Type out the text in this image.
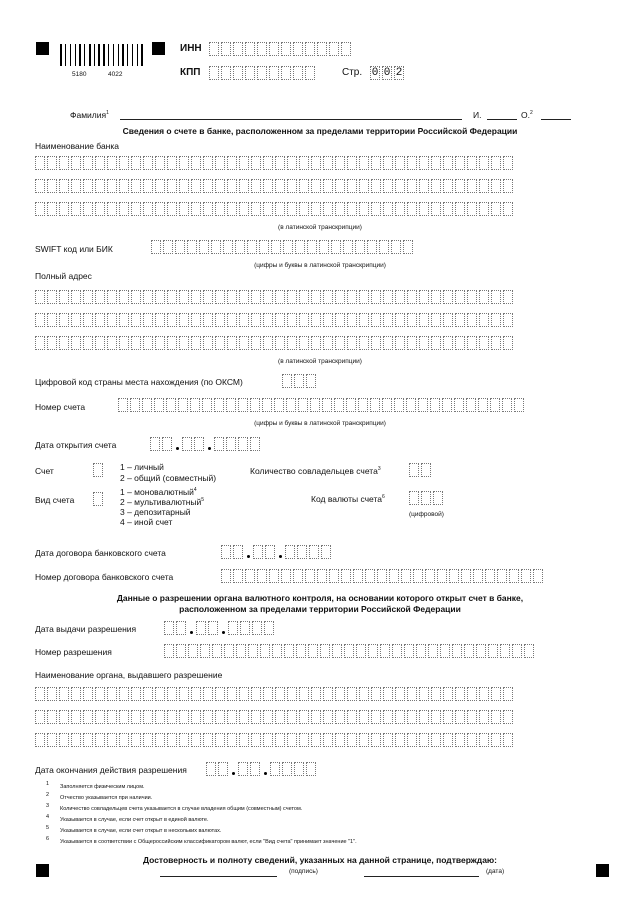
5180	4022
ИНН
КПП	Стр. 0 0 2
Фамилия$^1$	И.	О.$^2$
Сведения о счете в банке, расположенном за пределами территории Российской Федерации
Наименование банка
(в латинской транскрипции)
SWIFT код или БИК
(цифры и буквы в латинской транскрипции)
Полный адрес
(в латинской транскрипции)
Цифровой код страны места нахождения (по ОКСМ)
Номер счета
(цифры и буквы в латинской транскрипции)
Дата открытия счета
Счет	1 – личный
2 – общий (совместный)
Количество совладельцев счета$^3$
Вид счета
1 – моновалютный$^4$
2 – мультивалютный$^5$
3 – депозитарный
4 – иной счет
Код валюты счета$^6$
(цифровой)
Дата договора банковского счета
Номер договора банковского счета
Данные о разрешении органа валютного контроля, на основании которого открыт счет в банке,
расположенном за пределами территории Российской Федерации
Дата выдачи разрешения
Номер разрешения
Наименование органа, выдавшего разрешение
Дата окончания действия разрешения
1 Заполняется физическим лицом.
2 Отчество указывается при наличии.
3 Количество совладельцев счета указывается в случае владения общим (совместным) счетом.
4 Указывается в случае, если счет открыт в единой валюте.
5 Указывается в случае, если счет открыт в нескольких валютах.
6 Указывается в соответствии с Общероссийским классификатором валют, если "Вид счета" принимает значение "1".
Достоверность и полноту сведений, указанных на данной странице, подтверждаю:
(подпись)	(дата)
